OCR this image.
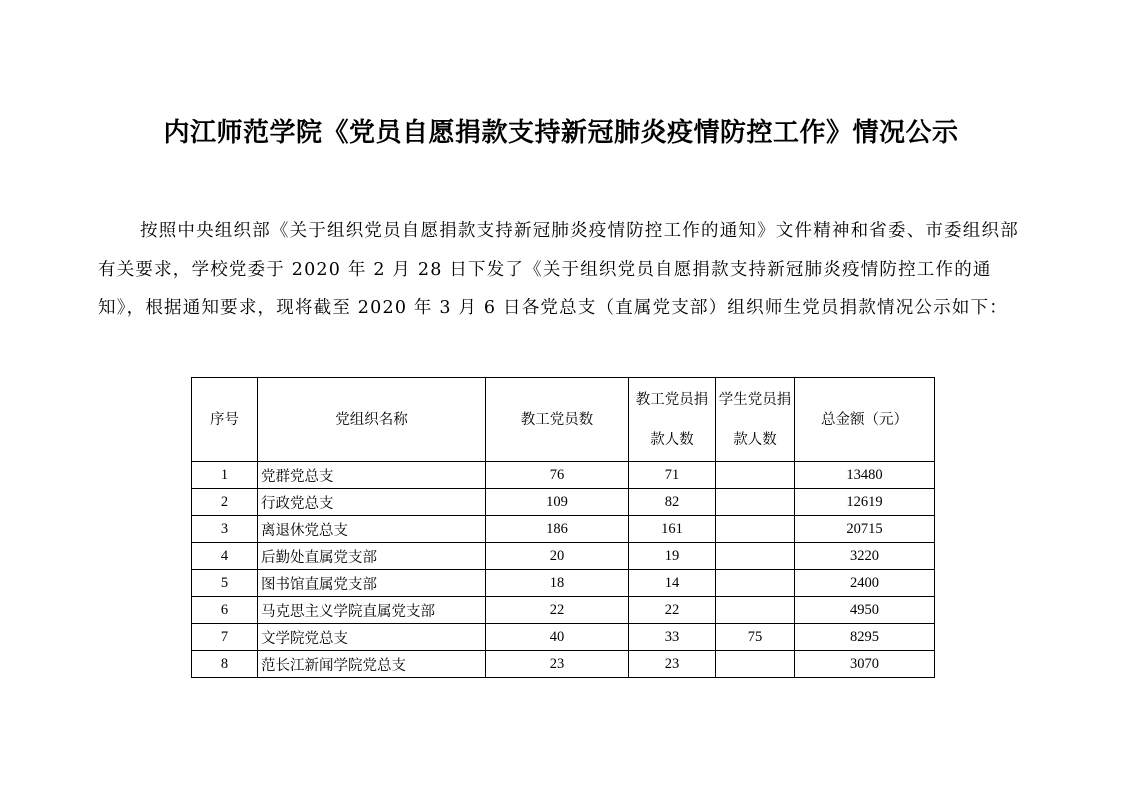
内江师范学院《党员自愿捐款支持新冠肺炎疫情防控工作》情况公示
按照中央组织部《关于组织党员自愿捐款支持新冠肺炎疫情防控工作的通知》文件精神和省委、市委组织部有关要求，学校党委于 2020 年 2 月 28 日下发了《关于组织党员自愿捐款支持新冠肺炎疫情防控工作的通知》，根据通知要求，现将截至 2020 年 3 月 6 日各党总支（直属党支部）组织师生党员捐款情况公示如下：
序号	党组织名称	教工党员数	教工党员捐款人数	学生党员捐款人数	总金额（元）
1	党群党总支	76	71		13480
2	行政党总支	109	82		12619
3	离退休党总支	186	161		20715
4	后勤处直属党支部	20	19		3220
5	图书馆直属党支部	18	14		2400
6	马克思主义学院直属党支部	22	22		4950
7	文学院党总支	40	33	75	8295
8	范长江新闻学院党总支	23	23		3070
